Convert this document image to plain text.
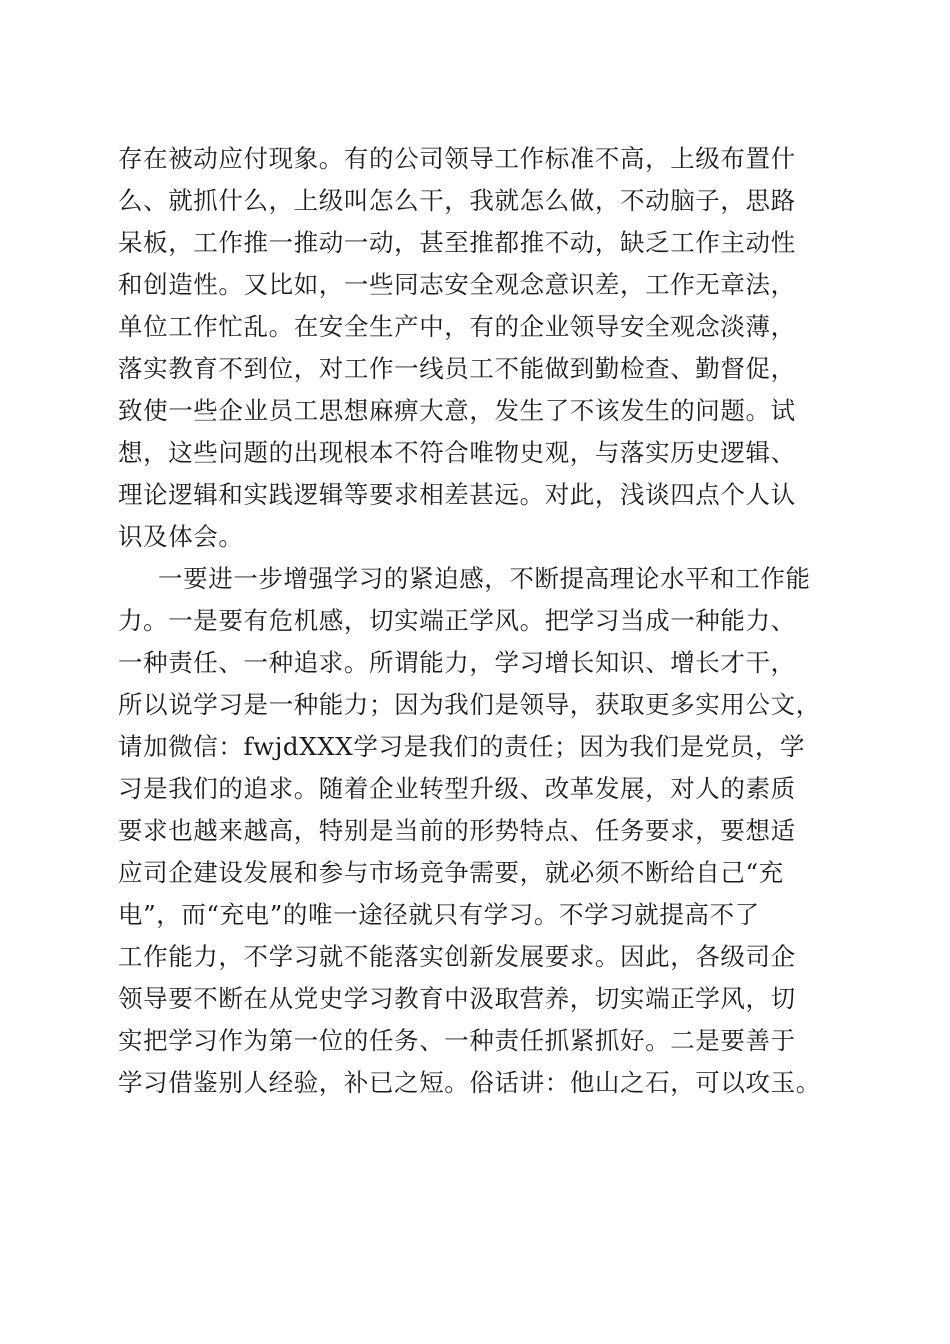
存在被动应付现象。有的公司领导工作标准不高，上级布置什
么、就抓什么，上级叫怎么干，我就怎么做，不动脑子，思路
呆板，工作推一推动一动，甚至推都推不动，缺乏工作主动性
和创造性。又比如，一些同志安全观念意识差，工作无章法，
单位工作忙乱。在安全生产中，有的企业领导安全观念淡薄，
落实教育不到位，对工作一线员工不能做到勤检查、勤督促，
致使一些企业员工思想麻痹大意，发生了不该发生的问题。试
想，这些问题的出现根本不符合唯物史观，与落实历史逻辑、
理论逻辑和实践逻辑等要求相差甚远。对此，浅谈四点个人认
识及体会。
一要进一步增强学习的紧迫感，不断提高理论水平和工作能
力。一是要有危机感，切实端正学风。把学习当成一种能力、
一种责任、一种追求。所谓能力，学习增长知识、增长才干，
所以说学习是一种能力；因为我们是领导，获取更多实用公文，
请加微信：fwjdXXX学习是我们的责任；因为我们是党员，学
习是我们的追求。随着企业转型升级、改革发展，对人的素质
要求也越来越高，特别是当前的形势特点、任务要求，要想适
应司企建设发展和参与市场竞争需要，就必须不断给自己“充
电”，而“充电”的唯一途径就只有学习。不学习就提高不了
工作能力，不学习就不能落实创新发展要求。因此，各级司企
领导要不断在从党史学习教育中汲取营养，切实端正学风，切
实把学习作为第一位的任务、一种责任抓紧抓好。二是要善于
学习借鉴别人经验，补已之短。俗话讲：他山之石，可以攻玉。
